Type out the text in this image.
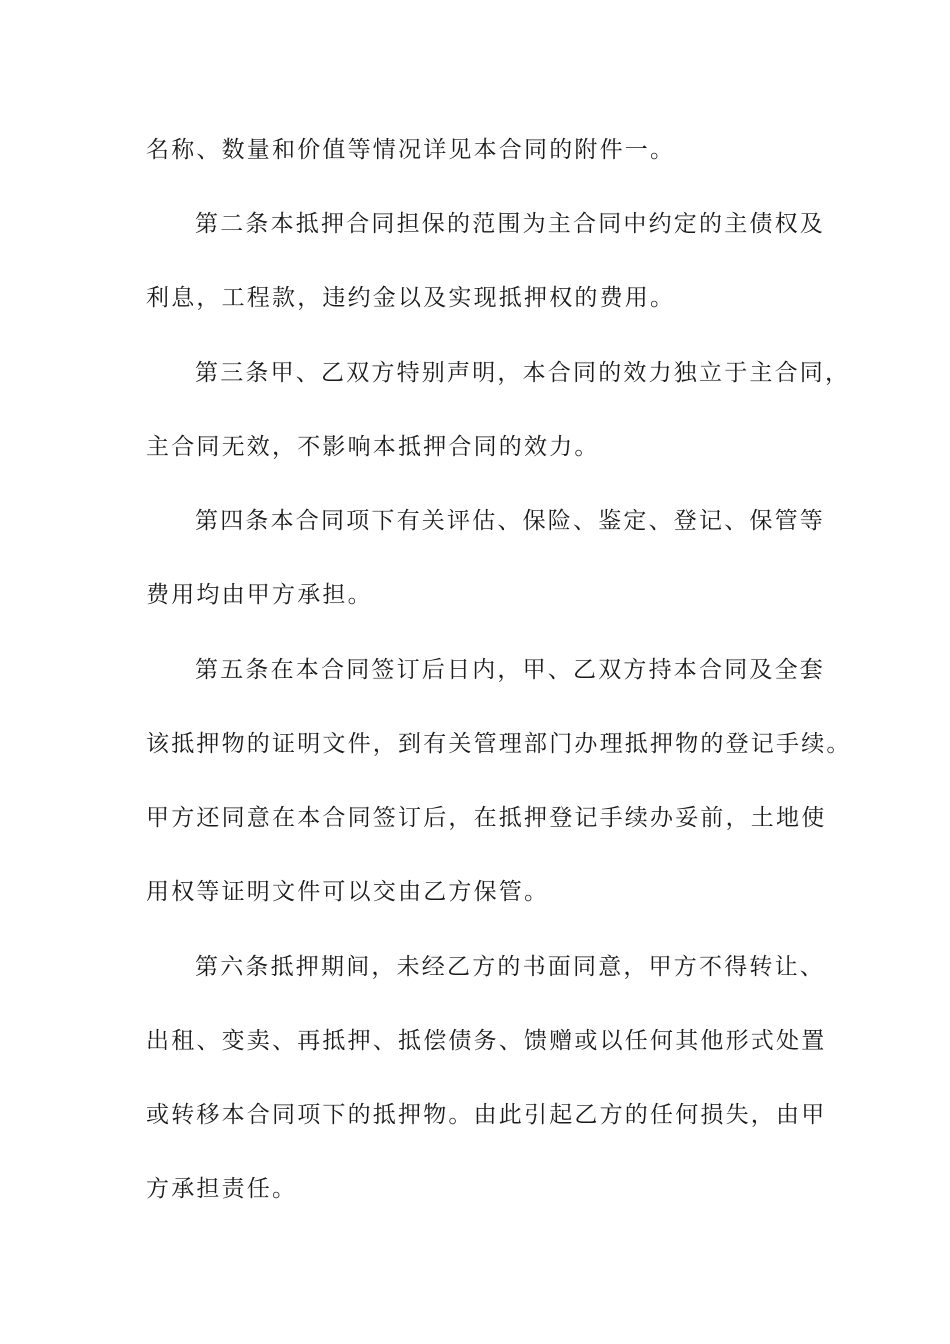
名称、数量和价值等情况详见本合同的附件一。
第二条本抵押合同担保的范围为主合同中约定的主债权及
利息，工程款，违约金以及实现抵押权的费用。
第三条甲、乙双方特别声明，本合同的效力独立于主合同，
主合同无效，不影响本抵押合同的效力。
第四条本合同项下有关评估、保险、鉴定、登记、保管等
费用均由甲方承担。
第五条在本合同签订后日内，甲、乙双方持本合同及全套
该抵押物的证明文件，到有关管理部门办理抵押物的登记手续。
甲方还同意在本合同签订后，在抵押登记手续办妥前，土地使
用权等证明文件可以交由乙方保管。
第六条抵押期间，未经乙方的书面同意，甲方不得转让、
出租、变卖、再抵押、抵偿债务、馈赠或以任何其他形式处置
或转移本合同项下的抵押物。由此引起乙方的任何损失，由甲
方承担责任。
